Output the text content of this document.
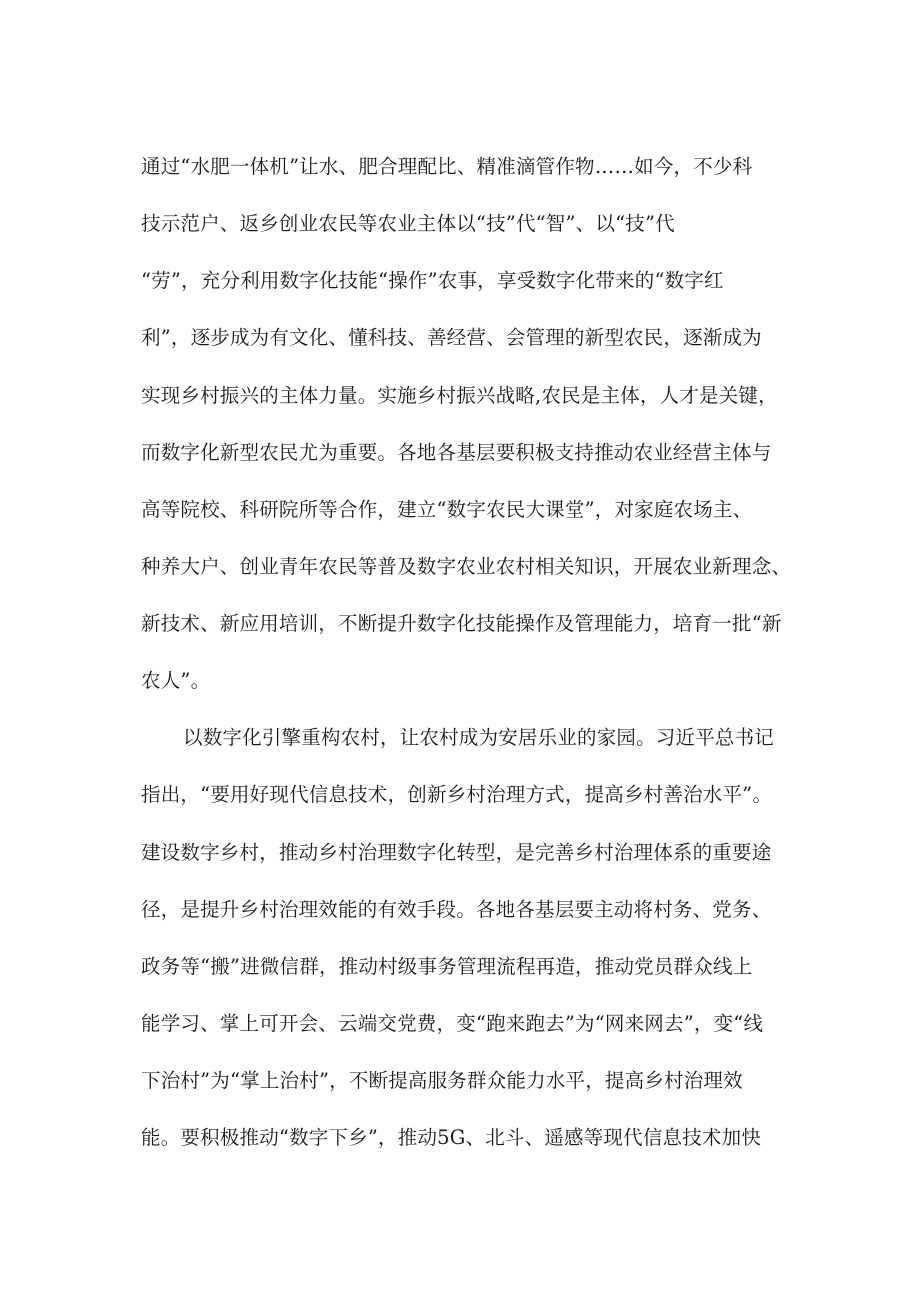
通过“水肥一体机”让水、肥合理配比、精准滴管作物……如今，不少科
技示范户、返乡创业农民等农业主体以“技”代“智”、以“技”代
“劳”，充分利用数字化技能“操作”农事，享受数字化带来的“数字红
利”，逐步成为有文化、懂科技、善经营、会管理的新型农民，逐渐成为
实现乡村振兴的主体力量。实施乡村振兴战略,农民是主体，人才是关键，
而数字化新型农民尤为重要。各地各基层要积极支持推动农业经营主体与
高等院校、科研院所等合作，建立“数字农民大课堂”，对家庭农场主、
种养大户、创业青年农民等普及数字农业农村相关知识，开展农业新理念、
新技术、新应用培训，不断提升数字化技能操作及管理能力，培育一批“新
农人”。
以数字化引擎重构农村，让农村成为安居乐业的家园。习近平总书记
指出，“要用好现代信息技术，创新乡村治理方式，提高乡村善治水平”。
建设数字乡村，推动乡村治理数字化转型，是完善乡村治理体系的重要途
径，是提升乡村治理效能的有效手段。各地各基层要主动将村务、党务、
政务等“搬”进微信群，推动村级事务管理流程再造，推动党员群众线上
能学习、掌上可开会、云端交党费，变“跑来跑去”为“网来网去”，变“线
下治村”为“掌上治村”，不断提高服务群众能力水平，提高乡村治理效
能。要积极推动“数字下乡”，推动5G、北斗、遥感等现代信息技术加快
